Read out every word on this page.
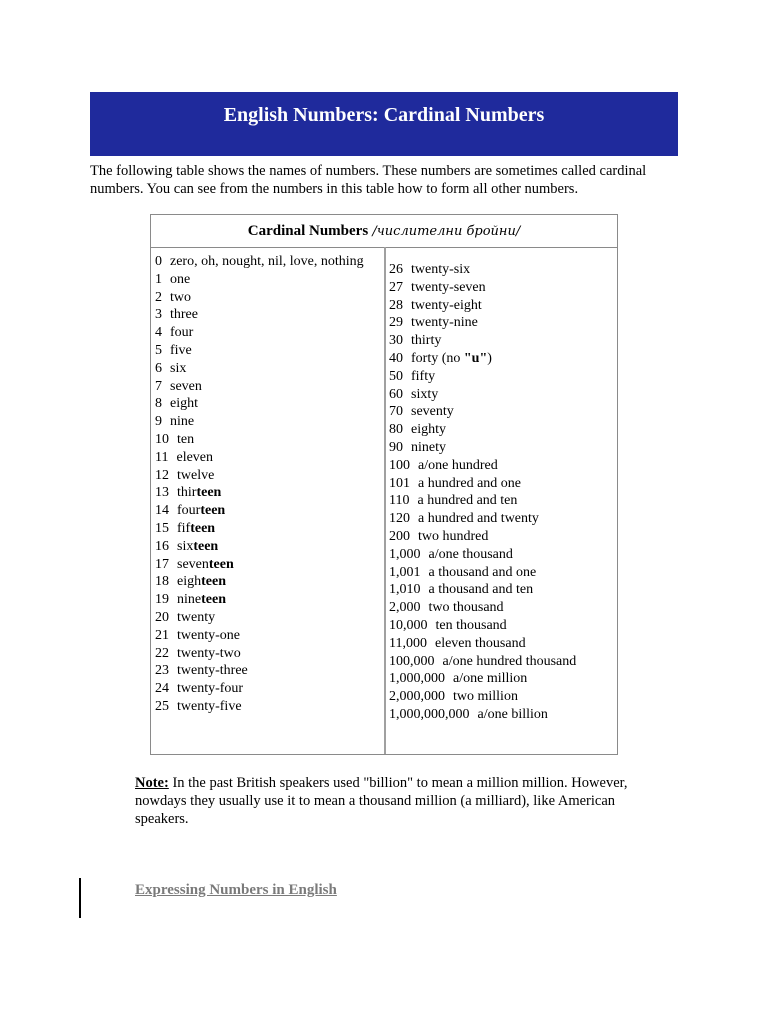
English Numbers: Cardinal Numbers
The following table shows the names of numbers. These numbers are sometimes called cardinal numbers. You can see from the numbers in this table how to form all other numbers.
Cardinal Numbers /числителни бройни/
0 zero, oh, nought, nil, love, nothing
1 one
2 two
3 three
4 four
5 five
6 six
7 seven
8 eight
9 nine
10 ten
11 eleven
12 twelve
13 thirteen
14 fourteen
15 fifteen
16 sixteen
17 seventeen
18 eighteen
19 nineteen
20 twenty
21 twenty-one
22 twenty-two
23 twenty-three
24 twenty-four
25 twenty-five
26 twenty-six
27 twenty-seven
28 twenty-eight
29 twenty-nine
30 thirty
40 forty (no "u")
50 fifty
60 sixty
70 seventy
80 eighty
90 ninety
100 a/one hundred
101 a hundred and one
110 a hundred and ten
120 a hundred and twenty
200 two hundred
1,000 a/one thousand
1,001 a thousand and one
1,010 a thousand and ten
2,000 two thousand
10,000 ten thousand
11,000 eleven thousand
100,000 a/one hundred thousand
1,000,000 a/one million
2,000,000 two million
1,000,000,000 a/one billion
Note: In the past British speakers used "billion" to mean a million million. However, nowdays they usually use it to mean a thousand million (a milliard), like American speakers.
Expressing Numbers in English
